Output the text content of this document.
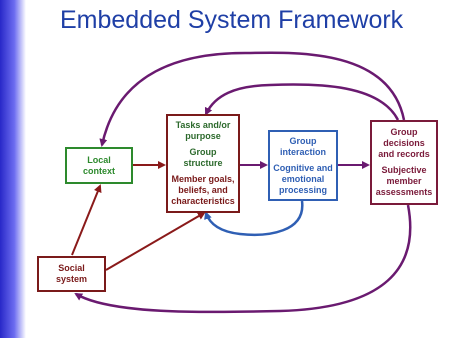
Embedded System Framework
Local
context
Tasks and/or
purpose
Group
structure
Member goals,
beliefs, and
characteristics
Group
interaction
Cognitive and
emotional
processing
Group
decisions
and records
Subjective
member
assessments
Social
system
